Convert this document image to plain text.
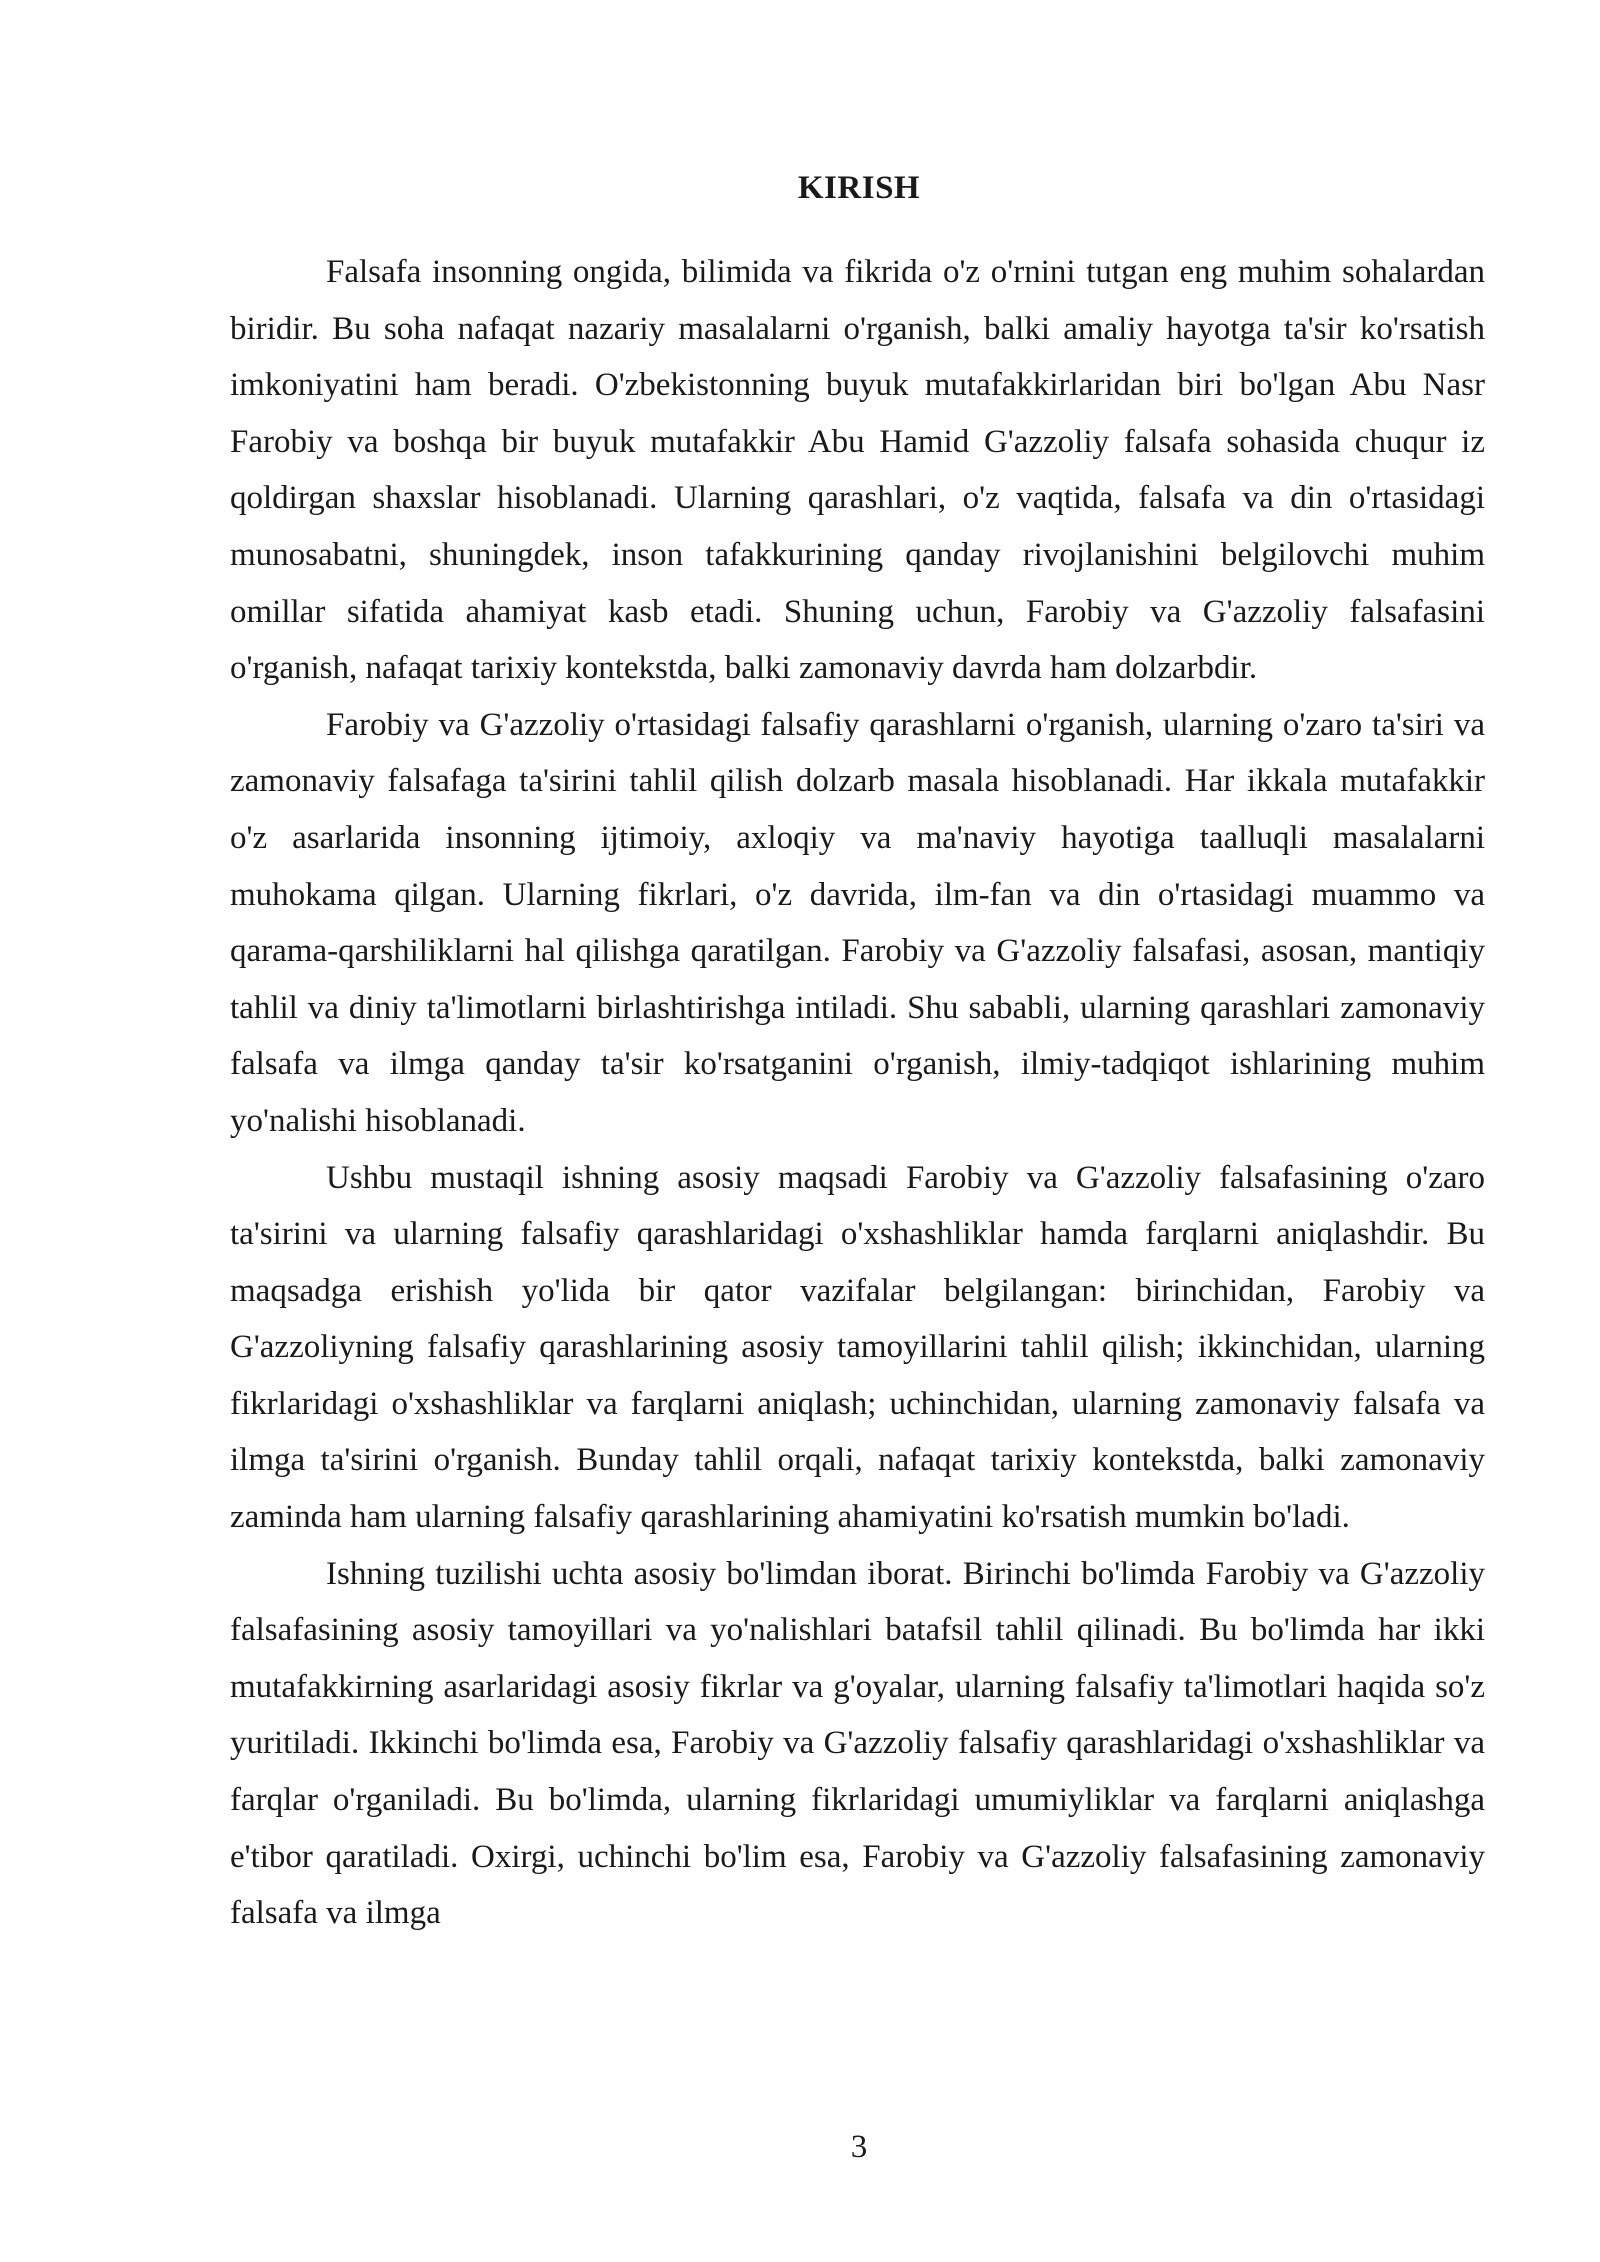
KIRISH

Falsafa insonning ongida, bilimida va fikrida o'z o'rnini tutgan eng muhim sohalardan biridir. Bu soha nafaqat nazariy masalalarni o'rganish, balki amaliy hayotga ta'sir ko'rsatish imkoniyatini ham beradi. O'zbekistonning buyuk mutafakkirlaridan biri bo'lgan Abu Nasr Farobiy va boshqa bir buyuk mutafakkir Abu Hamid G'azzoliy falsafa sohasida chuqur iz qoldirgan shaxslar hisoblanadi. Ularning qarashlari, o'z vaqtida, falsafa va din o'rtasidagi munosabatni, shuningdek, inson tafakkurining qanday rivojlanishini belgilovchi muhim omillar sifatida ahamiyat kasb etadi. Shuning uchun, Farobiy va G'azzoliy falsafasini o'rganish, nafaqat tarixiy kontekstda, balki zamonaviy davrda ham dolzarbdir.

Farobiy va G'azzoliy o'rtasidagi falsafiy qarashlarni o'rganish, ularning o'zaro ta'siri va zamonaviy falsafaga ta'sirini tahlil qilish dolzarb masala hisoblanadi. Har ikkala mutafakkir o'z asarlarida insonning ijtimoiy, axloqiy va ma'naviy hayotiga taalluqli masalalarni muhokama qilgan. Ularning fikrlari, o'z davrida, ilm-fan va din o'rtasidagi muammo va qarama-qarshiliklarni hal qilishga qaratilgan. Farobiy va G'azzoliy falsafasi, asosan, mantiqiy tahlil va diniy ta'limotlarni birlashtirishga intiladi. Shu sababli, ularning qarashlari zamonaviy falsafa va ilmga qanday ta'sir ko'rsatganini o'rganish, ilmiy-tadqiqot ishlarining muhim yo'nalishi hisoblanadi.

Ushbu mustaqil ishning asosiy maqsadi Farobiy va G'azzoliy falsafasining o'zaro ta'sirini va ularning falsafiy qarashlaridagi o'xshashliklar hamda farqlarni aniqlashdir. Bu maqsadga erishish yo'lida bir qator vazifalar belgilangan: birinchidan, Farobiy va G'azzoliyning falsafiy qarashlarining asosiy tamoyillarini tahlil qilish; ikkinchidan, ularning fikrlaridagi o'xshashliklar va farqlarni aniqlash; uchinchidan, ularning zamonaviy falsafa va ilmga ta'sirini o'rganish. Bunday tahlil orqali, nafaqat tarixiy kontekstda, balki zamonaviy zaminda ham ularning falsafiy qarashlarining ahamiyatini ko'rsatish mumkin bo'ladi.

Ishning tuzilishi uchta asosiy bo'limdan iborat. Birinchi bo'limda Farobiy va G'azzoliy falsafasining asosiy tamoyillari va yo'nalishlari batafsil tahlil qilinadi. Bu bo'limda har ikki mutafakkirning asarlaridagi asosiy fikrlar va g'oyalar, ularning falsafiy ta'limotlari haqida so'z yuritiladi. Ikkinchi bo'limda esa, Farobiy va G'azzoliy falsafiy qarashlaridagi o'xshashliklar va farqlar o'rganiladi. Bu bo'limda, ularning fikrlaridagi umumiyliklar va farqlarni aniqlashga e'tibor qaratiladi. Oxirgi, uchinchi bo'lim esa, Farobiy va G'azzoliy falsafasining zamonaviy falsafa va ilmga

3
